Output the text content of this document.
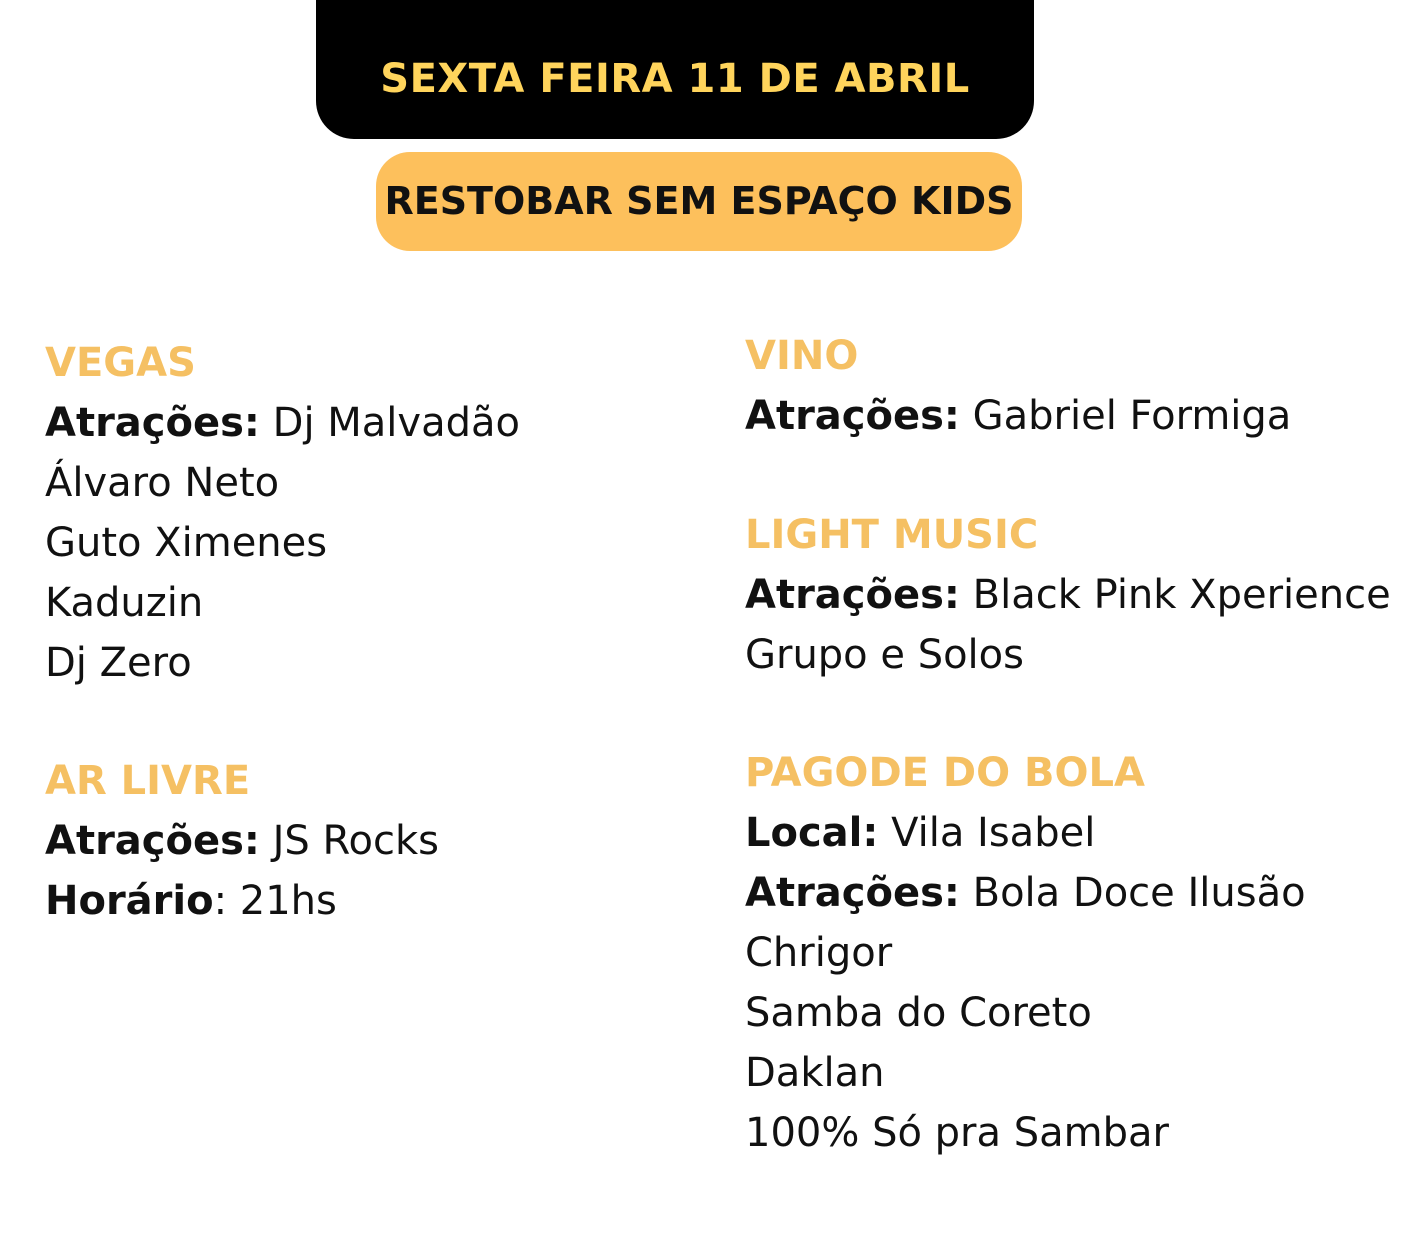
SEXTA FEIRA 11 DE ABRIL
RESTOBAR SEM ESPAÇO KIDS
VEGAS
Atrações: Dj Malvadão
Álvaro Neto
Guto Ximenes
Kaduzin
Dj Zero
AR LIVRE
Atrações: JS Rocks
Horário: 21hs
VINO
Atrações: Gabriel Formiga
LIGHT MUSIC
Atrações: Black Pink Xperience
Grupo e Solos
PAGODE DO BOLA
Local: Vila Isabel
Atrações: Bola Doce Ilusão
Chrigor
Samba do Coreto
Daklan
100% Só pra Sambar
